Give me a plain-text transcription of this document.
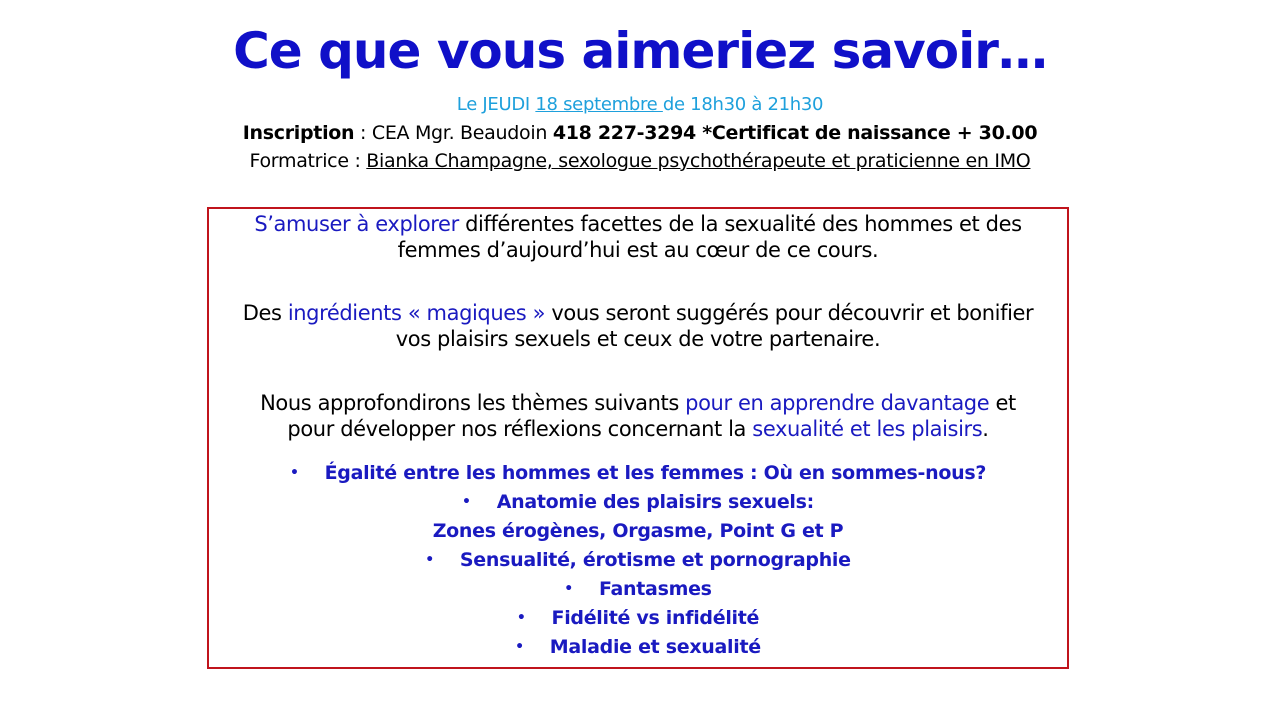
Ce que vous aimeriez savoir…
Le JEUDI 18 septembre de 18h30 à 21h30
Inscription : CEA Mgr. Beaudoin 418 227-3294 *Certificat de naissance + 30.00
Formatrice : Bianka Champagne, sexologue psychothérapeute et praticienne en IMO
S’amuser à explorer différentes facettes de la sexualité des hommes et des
femmes d’aujourd’hui est au cœur de ce cours.
Des ingrédients « magiques » vous seront suggérés pour découvrir et bonifier
vos plaisirs sexuels et ceux de votre partenaire.
Nous approfondirons les thèmes suivants pour en apprendre davantage et
pour développer nos réflexions concernant la sexualité et les plaisirs.
• Égalité entre les hommes et les femmes : Où en sommes-nous?
• Anatomie des plaisirs sexuels:
Zones érogènes, Orgasme, Point G et P
• Sensualité, érotisme et pornographie
• Fantasmes
• Fidélité vs infidélité
• Maladie et sexualité
